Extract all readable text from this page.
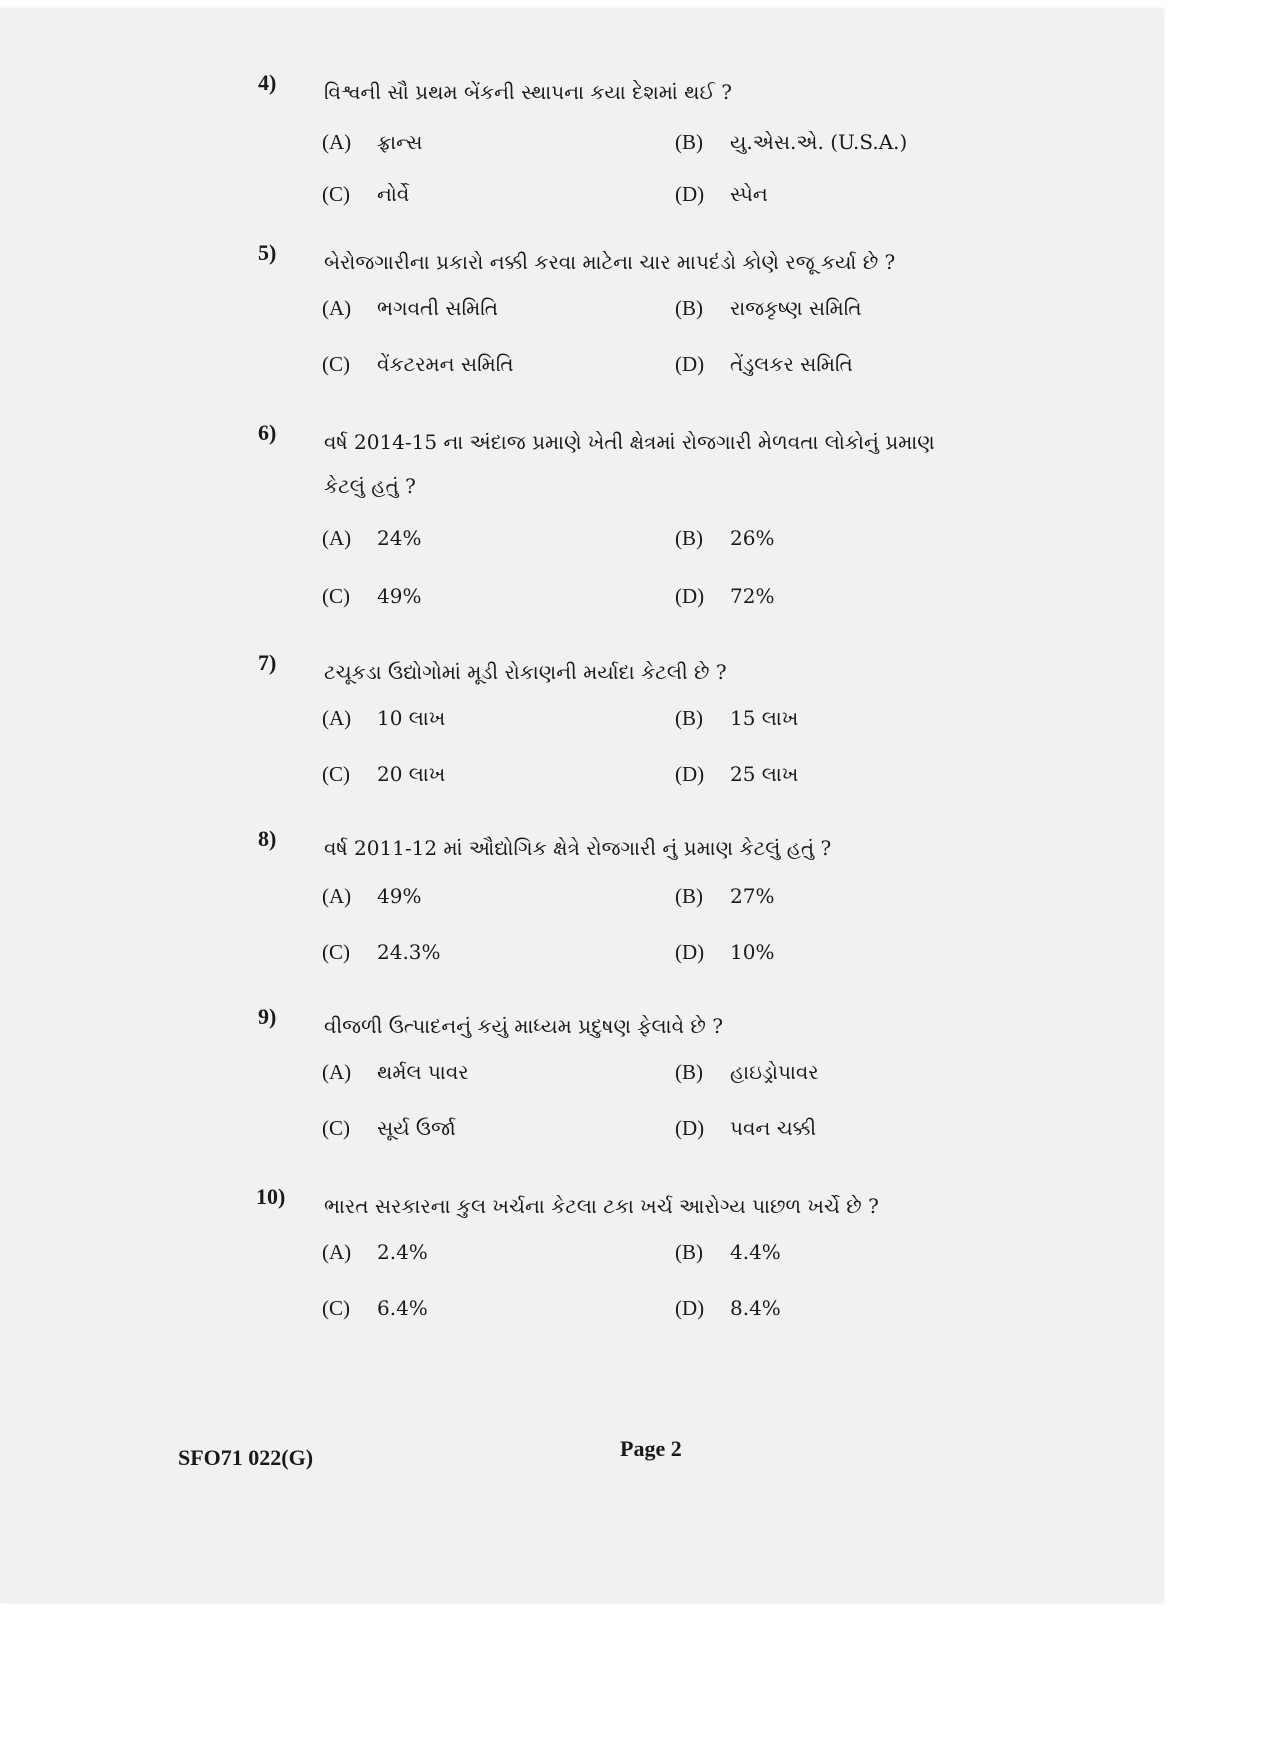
4) વિશ્વની સૌ પ્રથમ બેંકની સ્થાપના કયા દેશમાં થઈ ?
(A) ફ્રાન્સ	(B) યુ.એસ.એ. (U.S.A.)
(C) નોર્વે	(D) સ્પેન
5) બેરોજગારીના પ્રકારો નક્કી કરવા માટેના ચાર માપદંડો કોણે રજૂ કર્યા છે ?
(A) ભગવતી સમિતિ	(B) રાજકૃષ્ણ સમિતિ
(C) વેંકટરમન સમિતિ	(D) તેંડુલકર સમિતિ
6) વર્ષ 2014-15 ના અંદાજ પ્રમાણે ખેતી ક્ષેત્રમાં રોજગારી મેળવતા લોકોનું પ્રમાણ કેટલું હતું ?
(A) 24%	(B) 26%
(C) 49%	(D) 72%
7) ટચૂકડા ઉદ્યોગોમાં મૂડી રોકાણની મર્યાદા કેટલી છે ?
(A) 10 લાખ	(B) 15 લાખ
(C) 20 લાખ	(D) 25 લાખ
8) વર્ષ 2011-12 માં ઔદ્યોગિક ક્ષેત્રે રોજગારી નું પ્રમાણ કેટલું હતું ?
(A) 49%	(B) 27%
(C) 24.3%	(D) 10%
9) વીજળી ઉત્પાદનનું કયું માધ્યમ પ્રદુષણ ફેલાવે છે ?
(A) થર્મલ પાવર	(B) હાઇડ્રોપાવર
(C) સૂર્ય ઉર્જા	(D) પવન ચક્કી
10) ભારત સરકારના કુલ ખર્ચના કેટલા ટકા ખર્ચ આરોગ્ય પાછળ ખર્ચે છે ?
(A) 2.4%	(B) 4.4%
(C) 6.4%	(D) 8.4%
SFO71 022(G)	Page 2
